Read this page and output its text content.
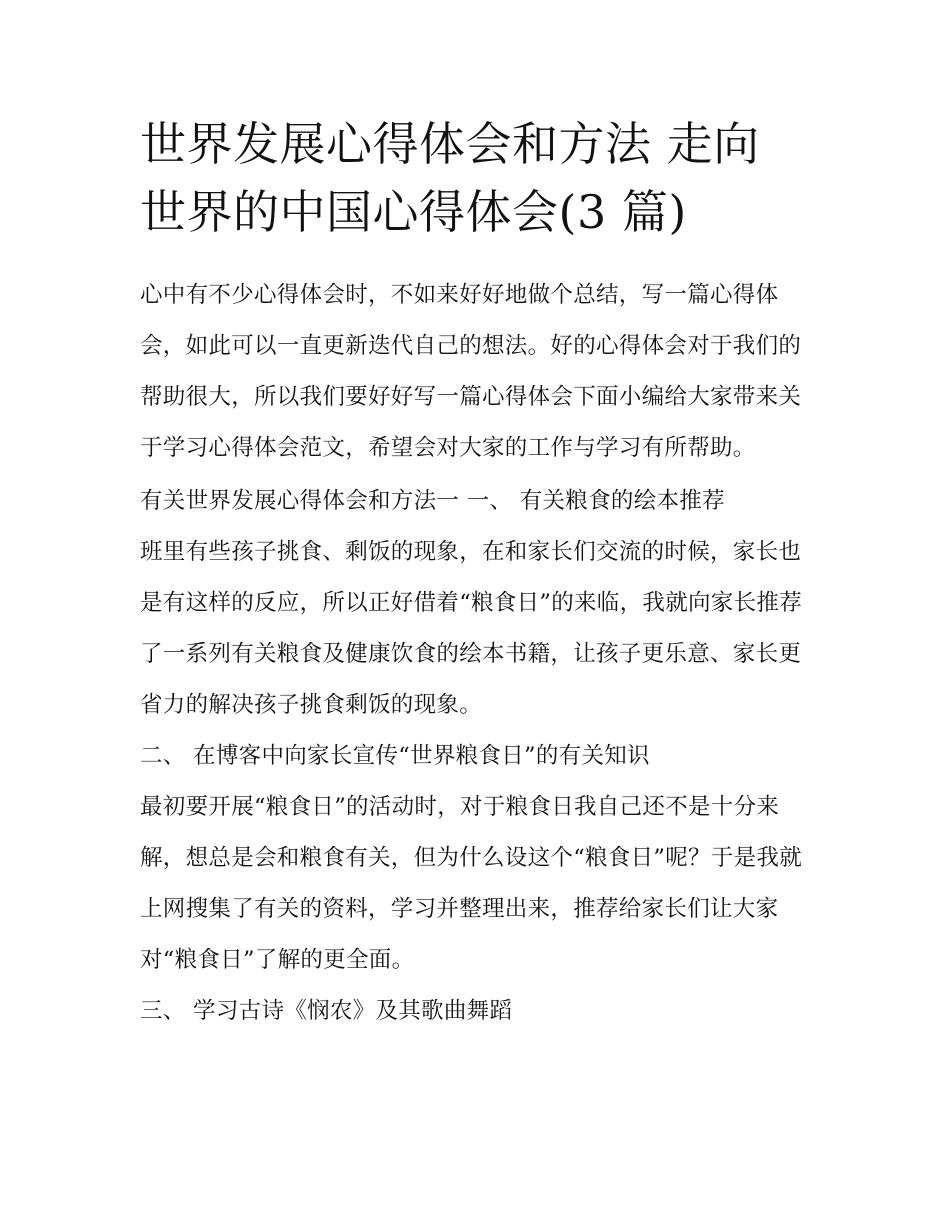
世界发展心得体会和方法 走向
世界的中国心得体会(3 篇)

心中有不少心得体会时，不如来好好地做个总结，写一篇心得体会，如此可以一直更新迭代自己的想法。好的心得体会对于我们的帮助很大，所以我们要好好写一篇心得体会下面小编给大家带来关于学习心得体会范文，希望会对大家的工作与学习有所帮助。

有关世界发展心得体会和方法一 一、 有关粮食的绘本推荐

班里有些孩子挑食、剩饭的现象，在和家长们交流的时候，家长也是有这样的反应，所以正好借着“粮食日”的来临，我就向家长推荐了一系列有关粮食及健康饮食的绘本书籍，让孩子更乐意、家长更省力的解决孩子挑食剩饭的现象。

二、 在博客中向家长宣传“世界粮食日”的有关知识

最初要开展“粮食日”的活动时，对于粮食日我自己还不是十分来解，想总是会和粮食有关，但为什么设这个“粮食日”呢？于是我就上网搜集了有关的资料，学习并整理出来，推荐给家长们让大家对“粮食日”了解的更全面。

三、 学习古诗《悯农》及其歌曲舞蹈
